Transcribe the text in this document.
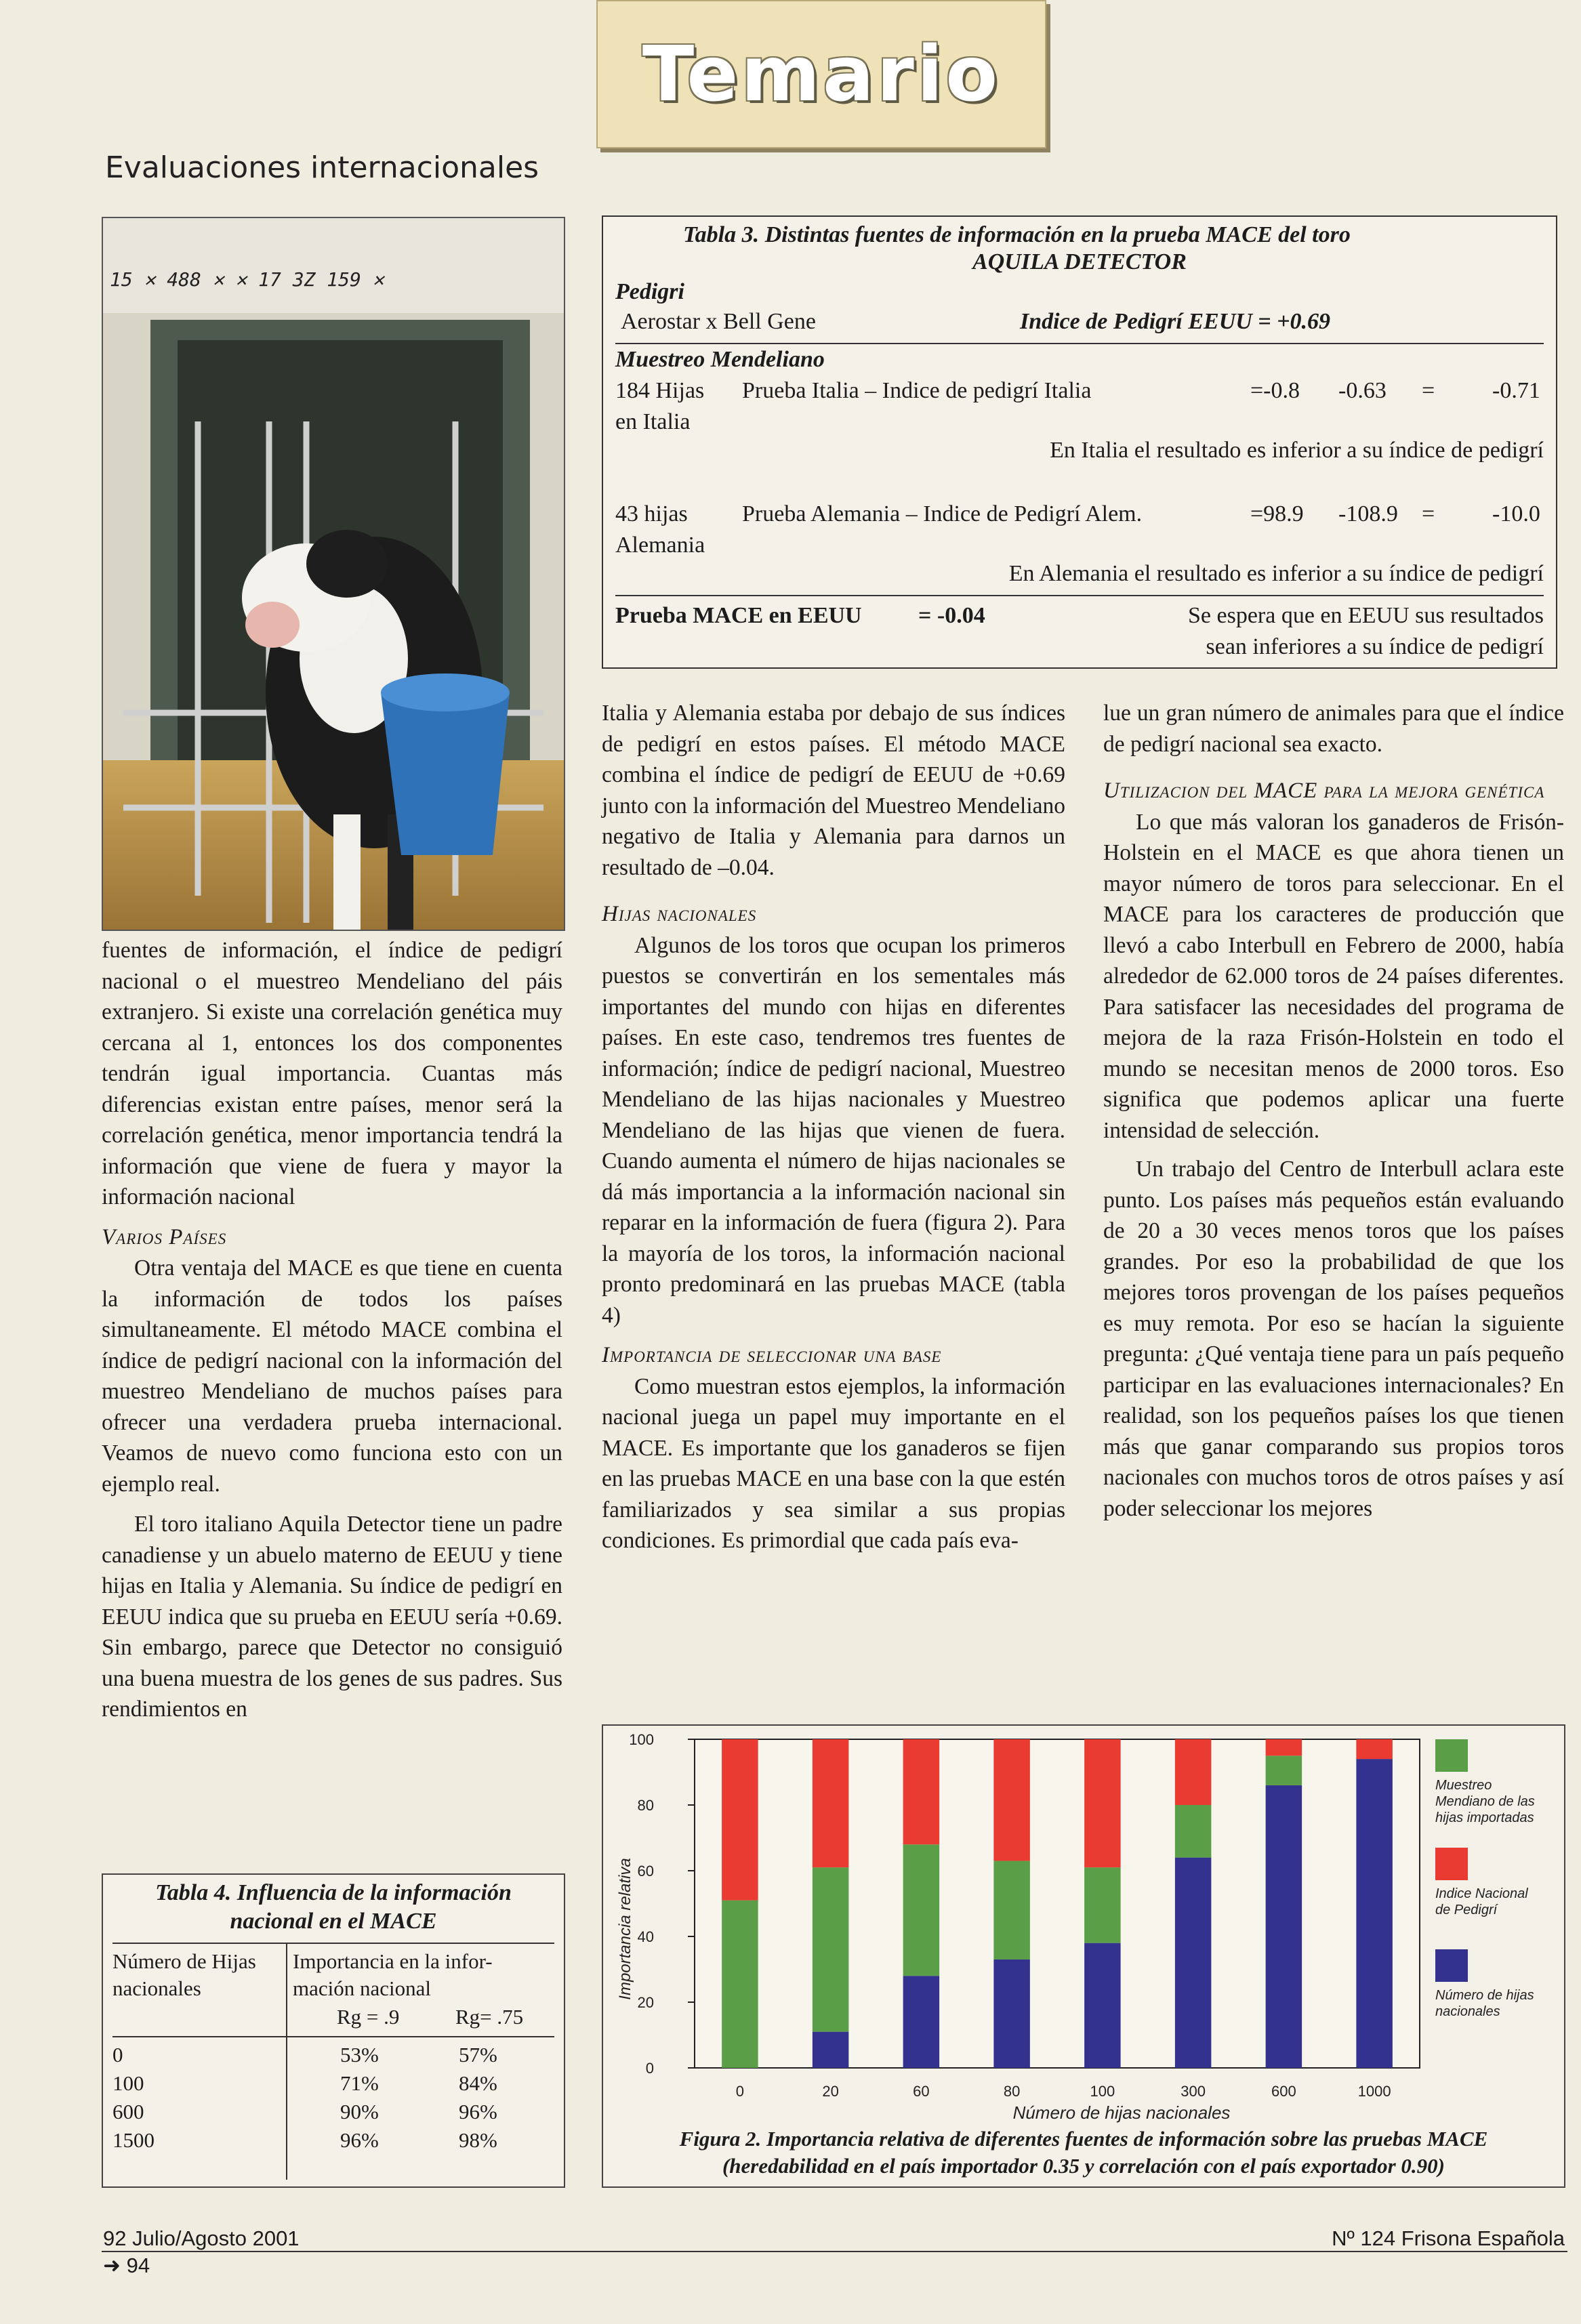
Temario
Evaluaciones internacionales
15 ✕ 488 ✕ ✕ 17 3Z 159 ✕
Tabla 3. Distintas fuentes de información en la prueba MACE del toro
AQUILA DETECTOR
Pedigri
Aerostar x Bell Gene	Indice de Pedigrí EEUU = +0.69
Muestreo Mendeliano
184 Hijas
en Italia
Prueba Italia – Indice de pedigrí Italia	=-0.8 -0.63 = -0.71
En Italia el resultado es inferior a su índice de pedigrí
43 hijas
Alemania
Prueba Alemania – Indice de Pedigrí Alem.	=98.9 -108.9 = -10.0
En Alemania el resultado es inferior a su índice de pedigrí
Prueba MACE en EEUU = -0.04	Se espera que en EEUU sus resultados
sean inferiores a su índice de pedigrí

fuentes de información, el índice de pedigrí nacional o el muestreo Mendeliano del páis extranjero. Si existe una correlación genética muy cercana al 1, entonces los dos componentes tendrán igual importancia. Cuantas más diferencias existan entre países, menor será la correlación genética, menor importancia tendrá la información que viene de fuera y mayor la información nacional

Varios Países

Otra ventaja del MACE es que tiene en cuenta la información de todos los países simultaneamente. El método MACE combina el índice de pedigrí nacional con la información del muestreo Mendeliano de muchos países para ofrecer una verdadera prueba internacional. Veamos de nuevo como funciona esto con un ejemplo real.

El toro italiano Aquila Detector tiene un padre canadiense y un abuelo materno de EEUU y tiene hijas en Italia y Alemania. Su índice de pedigrí en EEUU indica que su prueba en EEUU sería +0.69. Sin embargo, parece que Detector no consiguió una buena muestra de los genes de sus padres. Sus rendimientos en

Italia y Alemania estaba por debajo de sus índices de pedigrí en estos países. El método MACE combina el índice de pedigrí de EEUU de +0.69 junto con la información del Muestreo Mendeliano negativo de Italia y Alemania para darnos un resultado de –0.04.

Hijas nacionales

Algunos de los toros que ocupan los primeros puestos se convertirán en los sementales más importantes del mundo con hijas en diferentes países. En este caso, tendremos tres fuentes de información; índice de pedigrí nacional, Muestreo Mendeliano de las hijas nacionales y Muestreo Mendeliano de las hijas que vienen de fuera. Cuando aumenta el número de hijas nacionales se dá más importancia a la información nacional sin reparar en la información de fuera (figura 2). Para la mayoría de los toros, la información nacional pronto predominará en las pruebas MACE (tabla 4)

Importancia de seleccionar una base

Como muestran estos ejemplos, la información nacional juega un papel muy importante en el MACE. Es importante que los ganaderos se fijen en las pruebas MACE en una base con la que estén familiarizados y sea similar a sus propias condiciones. Es primordial que cada país eva-

lue un gran número de animales para que el índice de pedigrí nacional sea exacto.

Utilizacion del MACE para la mejora genética

Lo que más valoran los ganaderos de Frisón-Holstein en el MACE es que ahora tienen un mayor número de toros para seleccionar. En el MACE para los caracteres de producción que llevó a cabo Interbull en Febrero de 2000, había alrededor de 62.000 toros de 24 países diferentes. Para satisfacer las necesidades del programa de mejora de la raza Frisón-Holstein en todo el mundo se necesitan menos de 2000 toros. Eso significa que podemos aplicar una fuerte intensidad de selección.

Un trabajo del Centro de Interbull aclara este punto. Los países más pequeños están evaluando de 20 a 30 veces menos toros que los países grandes. Por eso la probabilidad de que los mejores toros provengan de los países pequeños es muy remota. Por eso se hacían la siguiente pregunta: ¿Qué ventaja tiene para un país pequeño participar en las evaluaciones internacionales? En realidad, son los pequeños países los que tienen más que ganar comparando sus propios toros nacionales con muchos toros de otros países y así poder seleccionar los mejores

Tabla 4. Influencia de la información
nacional en el MACE
Número de Hijas
nacionales
Importancia en la infor-
mación nacional
Rg = .9	Rg= .75
0	53%	57%
100	71%	84%
600	90%	96%
1500	96%	98%
Importancia relativa
Número de hijas nacionales
0
20
40
60
80
100
0	20	60	80	100	300	600	1000
Muestreo
Mendiano de las
hijas importadas
Indice Nacional
de Pedigrí
Número de hijas
nacionales
Figura 2. Importancia relativa de diferentes fuentes de información sobre las pruebas MACE
(heredabilidad en el país importador 0.35 y correlación con el país exportador 0.90)
92 Julio/Agosto 2001
➜ 94
Nº 124 Frisona Española
